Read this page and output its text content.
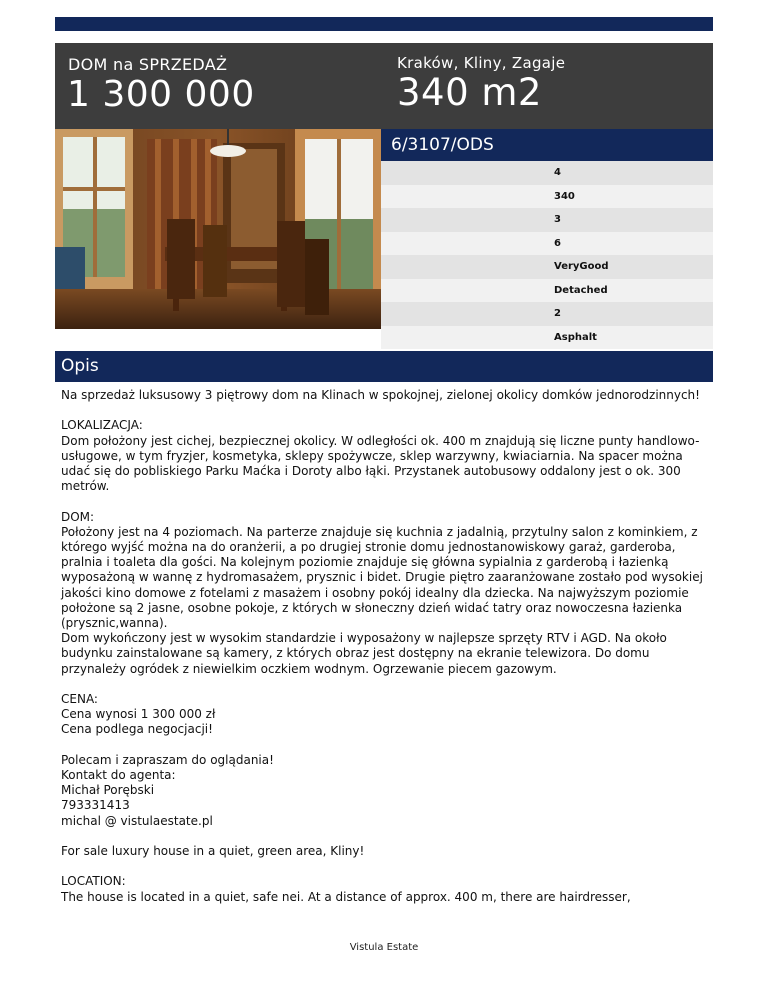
DOM na SPRZEDAŻ
1 300 000
Kraków, Kliny, Zagaje
340 m2
6/3107/ODS
4
340
3
6
VeryGood
Detached
2
Asphalt
Opis

Na sprzedaż luksusowy 3 piętrowy dom na Klinach w spokojnej, zielonej okolicy domków jednorodzinnych!

LOKALIZACJA:
Dom położony jest cichej, bezpiecznej okolicy. W odległości ok. 400 m znajdują się liczne punty handlowo-usługowe, w tym fryzjer, kosmetyka, sklepy spożywcze, sklep warzywny, kwiaciarnia. Na spacer można udać się do pobliskiego Parku Maćka i Doroty albo łąki. Przystanek autobusowy oddalony jest o ok. 300 metrów.

DOM:
Położony jest na 4 poziomach. Na parterze znajduje się kuchnia z jadalnią, przytulny salon z kominkiem, z którego wyjść można na do oranżerii, a po drugiej stronie domu jednostanowiskowy garaż, garderoba, pralnia i toaleta dla gości. Na kolejnym poziomie znajduje się główna sypialnia z garderobą i łazienką wyposażoną w wannę z hydromasażem, prysznic i bidet. Drugie piętro zaaranżowane zostało pod wysokiej jakości kino domowe z fotelami z masażem i osobny pokój idealny dla dziecka. Na najwyższym poziomie położone są 2 jasne, osobne pokoje, z których w słoneczny dzień widać tatry oraz nowoczesna łazienka (prysznic,wanna).
Dom wykończony jest w wysokim standardzie i wyposażony w najlepsze sprzęty RTV i AGD. Na około budynku zainstalowane są kamery, z których obraz jest dostępny na ekranie telewizora. Do domu przynależy ogródek z niewielkim oczkiem wodnym. Ogrzewanie piecem gazowym.

CENA:
Cena wynosi 1 300 000 zł
Cena podlega negocjacji!

Polecam i zapraszam do oglądania!
Kontakt do agenta:
Michał Porębski
793331413
michal @ vistulaestate.pl

For sale luxury house in a quiet, green area, Kliny!

LOCATION:
The house is located in a quiet, safe nei. At a distance of approx. 400 m, there are hairdresser,

Vistula Estate
